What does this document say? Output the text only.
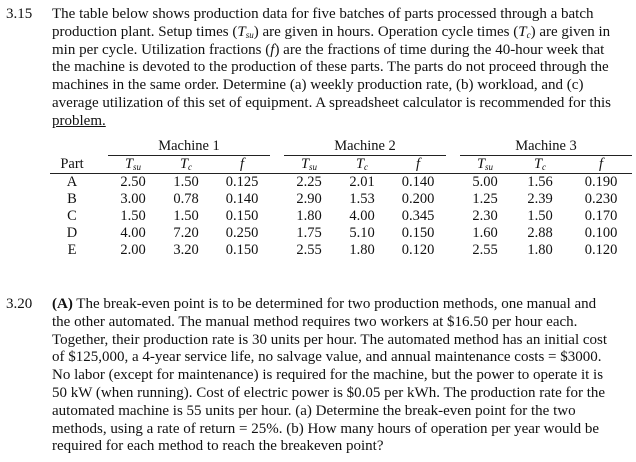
3.15 The table below shows production data for five batches of parts processed through a batch
production plant. Setup times $(T_{su})$ are given in hours. Operation cycle times $(T_c)$ are given in
min per cycle. Utilization fractions (f) are the fractions of time during the 40-hour week that
the machine is devoted to the production of these parts. The parts do not proceed through the
machines in the same order. Determine (a) weekly production rate, (b) workload, and (c)
average utilization of this set of equipment. A spreadsheet calculator is recommended for this
problem.
		Machine 1				Machine 2				Machine 3		
Part		$T_{su}$	$T_c$	f		$T_{su}$	$T_c$	f		$T_{su}$	$T_c$	f
A		2.50	1.50	0.125		2.25	2.01	0.140		5.00	1.56	0.190
B		3.00	0.78	0.140		2.90	1.53	0.200		1.25	2.39	0.230
C		1.50	1.50	0.150		1.80	4.00	0.345		2.30	1.50	0.170
D		4.00	7.20	0.250		1.75	5.10	0.150		1.60	2.88	0.100
E		2.00	3.20	0.150		2.55	1.80	0.120		2.55	1.80	0.120
3.20 (A) The break-even point is to be determined for two production methods, one manual and
the other automated. The manual method requires two workers at $16.50 per hour each.
Together, their production rate is 30 units per hour. The automated method has an initial cost
of $125,000, a 4-year service life, no salvage value, and annual maintenance costs = $3000.
No labor (except for maintenance) is required for the machine, but the power to operate it is
50 kW (when running). Cost of electric power is $0.05 per kWh. The production rate for the
automated machine is 55 units per hour. (a) Determine the break-even point for the two
methods, using a rate of return = 25%. (b) How many hours of operation per year would be
required for each method to reach the breakeven point?
